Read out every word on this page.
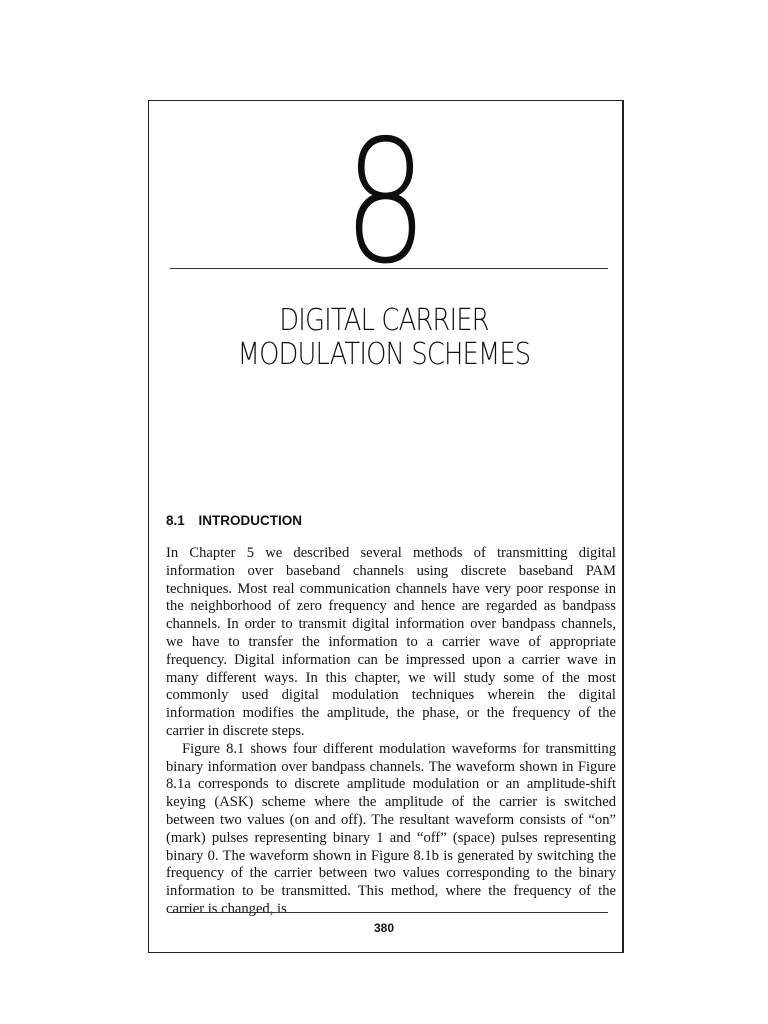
8
DIGITAL CARRIER
MODULATION SCHEMES
8.1 INTRODUCTION

In Chapter 5 we described several methods of transmitting digital information over baseband channels using discrete baseband PAM techniques. Most real communication channels have very poor response in the neighborhood of zero frequency and hence are regarded as bandpass channels. In order to transmit digital information over bandpass channels, we have to transfer the information to a carrier wave of appropriate frequency. Digital information can be impressed upon a carrier wave in many different ways. In this chapter, we will study some of the most commonly used digital modulation techniques wherein the digital information modifies the amplitude, the phase, or the frequency of the carrier in discrete steps.

Figure 8.1 shows four different modulation waveforms for transmitting binary information over bandpass channels. The waveform shown in Figure 8.1a corresponds to discrete amplitude modulation or an amplitude-shift keying (ASK) scheme where the amplitude of the carrier is switched between two values (on and off). The resultant waveform consists of “on” (mark) pulses representing binary 1 and “off” (space) pulses representing binary 0. The waveform shown in Figure 8.1b is generated by switching the frequency of the carrier between two values corresponding to the binary information to be transmitted. This method, where the frequency of the carrier is changed, is

380
